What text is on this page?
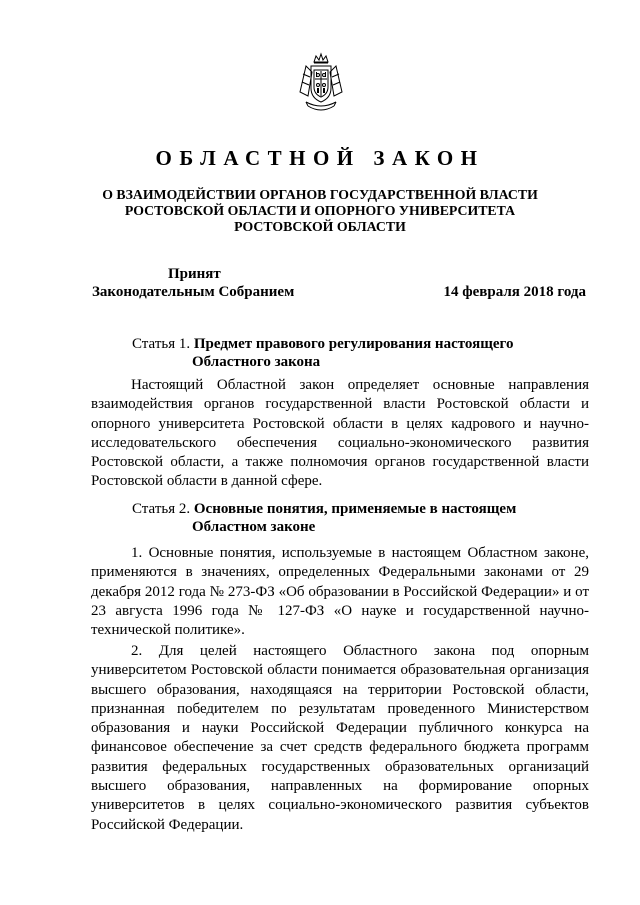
ОБЛАСТНОЙ ЗАКОН
О ВЗАИМОДЕЙСТВИИ ОРГАНОВ ГОСУДАРСТВЕННОЙ ВЛАСТИ РОСТОВСКОЙ ОБЛАСТИ И ОПОРНОГО УНИВЕРСИТЕТА РОСТОВСКОЙ ОБЛАСТИ
Принят
Законодательным Собранием	14 февраля 2018 года
Статья 1. Предмет правового регулирования настоящего
Областного закона

Настоящий Областной закон определяет основные направления взаимодействия органов государственной власти Ростовской области и опорного университета Ростовской области в целях кадрового и научно-исследовательского обеспечения социально-экономического развития Ростовской области, а также полномочия органов государственной власти Ростовской области в данной сфере.

Статья 2. Основные понятия, применяемые в настоящем
Областном законе

1. Основные понятия, используемые в настоящем Областном законе, применяются в значениях, определенных Федеральными законами от 29 декабря 2012 года № 273-ФЗ «Об образовании в Российской Федерации» и от 23 августа 1996 года № 127-ФЗ «О науке и государственной научно-технической политике».

2. Для целей настоящего Областного закона под опорным университетом Ростовской области понимается образовательная организация высшего образования, находящаяся на территории Ростовской области, признанная победителем по результатам проведенного Министерством образования и науки Российской Федерации публичного конкурса на финансовое обеспечение за счет средств федерального бюджета программ развития федеральных государственных образовательных организаций высшего образования, направленных на формирование опорных университетов в целях социально-экономического развития субъектов Российской Федерации.
